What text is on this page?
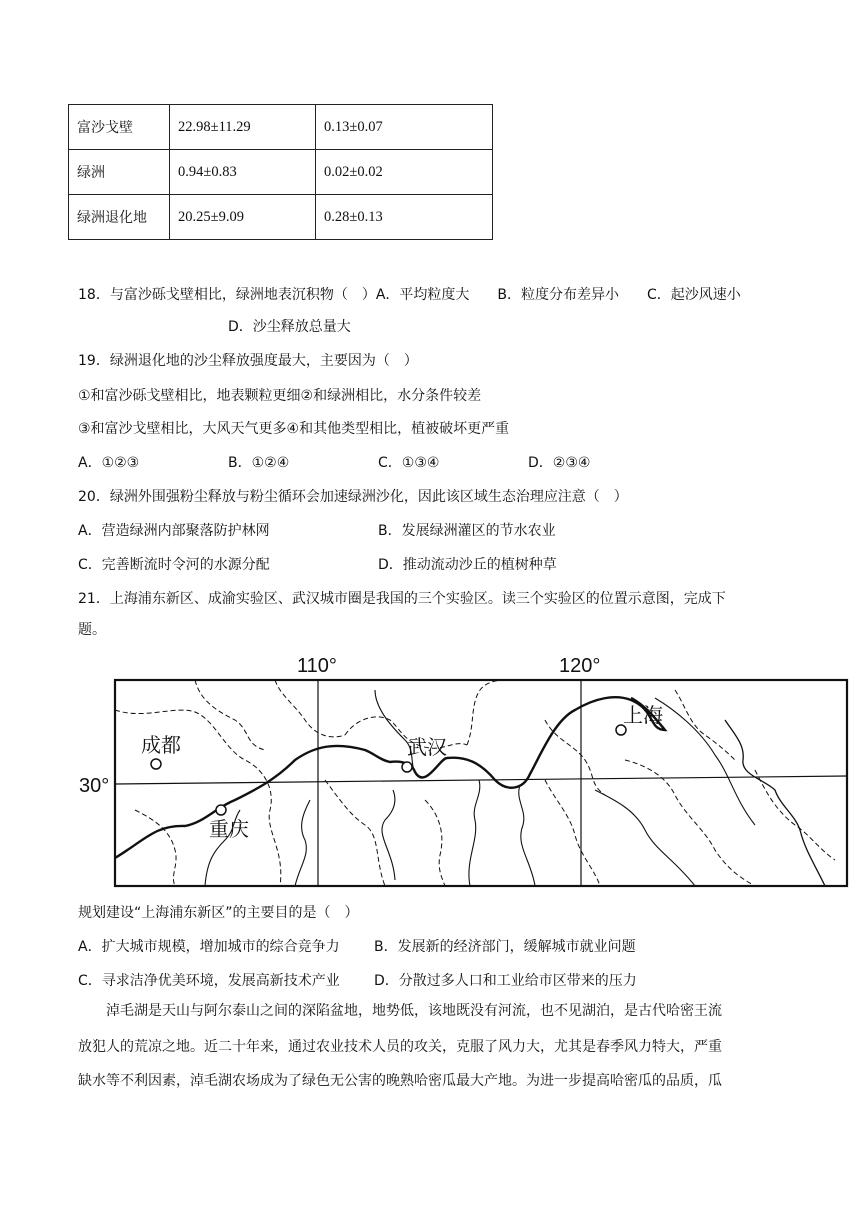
富沙戈壁	22.98±11.29	0.13±0.07
绿洲	0.94±0.83	0.02±0.02
绿洲退化地	20.25±9.09	0.28±0.13
18．与富沙砾戈壁相比，绿洲地表沉积物（　）A．平均粒度大　　B．粒度分布差异小　　C．起沙风速小
D．沙尘释放总量大
19．绿洲退化地的沙尘释放强度最大，主要因为（　）
①和富沙砾戈壁相比，地表颗粒更细②和绿洲相比，水分条件较差
③和富沙戈壁相比，大风天气更多④和其他类型相比，植被破坏更严重
A．①②③	B．①②④	C．①③④	D．②③④
20．绿洲外围强粉尘释放与粉尘循环会加速绿洲沙化，因此该区域生态治理应注意（　）
A．营造绿洲内部聚落防护林网	B．发展绿洲灌区的节水农业
C．完善断流时令河的水源分配	D．推动流动沙丘的植树种草
21．上海浦东新区、成渝实验区、武汉城市圈是我国的三个实验区。读三个实验区的位置示意图，完成下
题。
110°	120°
30°
成都
重庆
武汉
上海
规划建设“上海浦东新区”的主要目的是（　）
A．扩大城市规模，增加城市的综合竞争力 B．发展新的经济部门，缓解城市就业问题
C．寻求洁净优美环境，发展高新技术产业 D．分散过多人口和工业给市区带来的压力
淖毛湖是天山与阿尔泰山之间的深陷盆地，地势低，该地既没有河流，也不见湖泊，是古代哈密王流
放犯人的荒凉之地。近二十年来，通过农业技术人员的攻关，克服了风力大，尤其是春季风力特大，严重
缺水等不利因素，淖毛湖农场成为了绿色无公害的晚熟哈密瓜最大产地。为进一步提高哈密瓜的品质，瓜
